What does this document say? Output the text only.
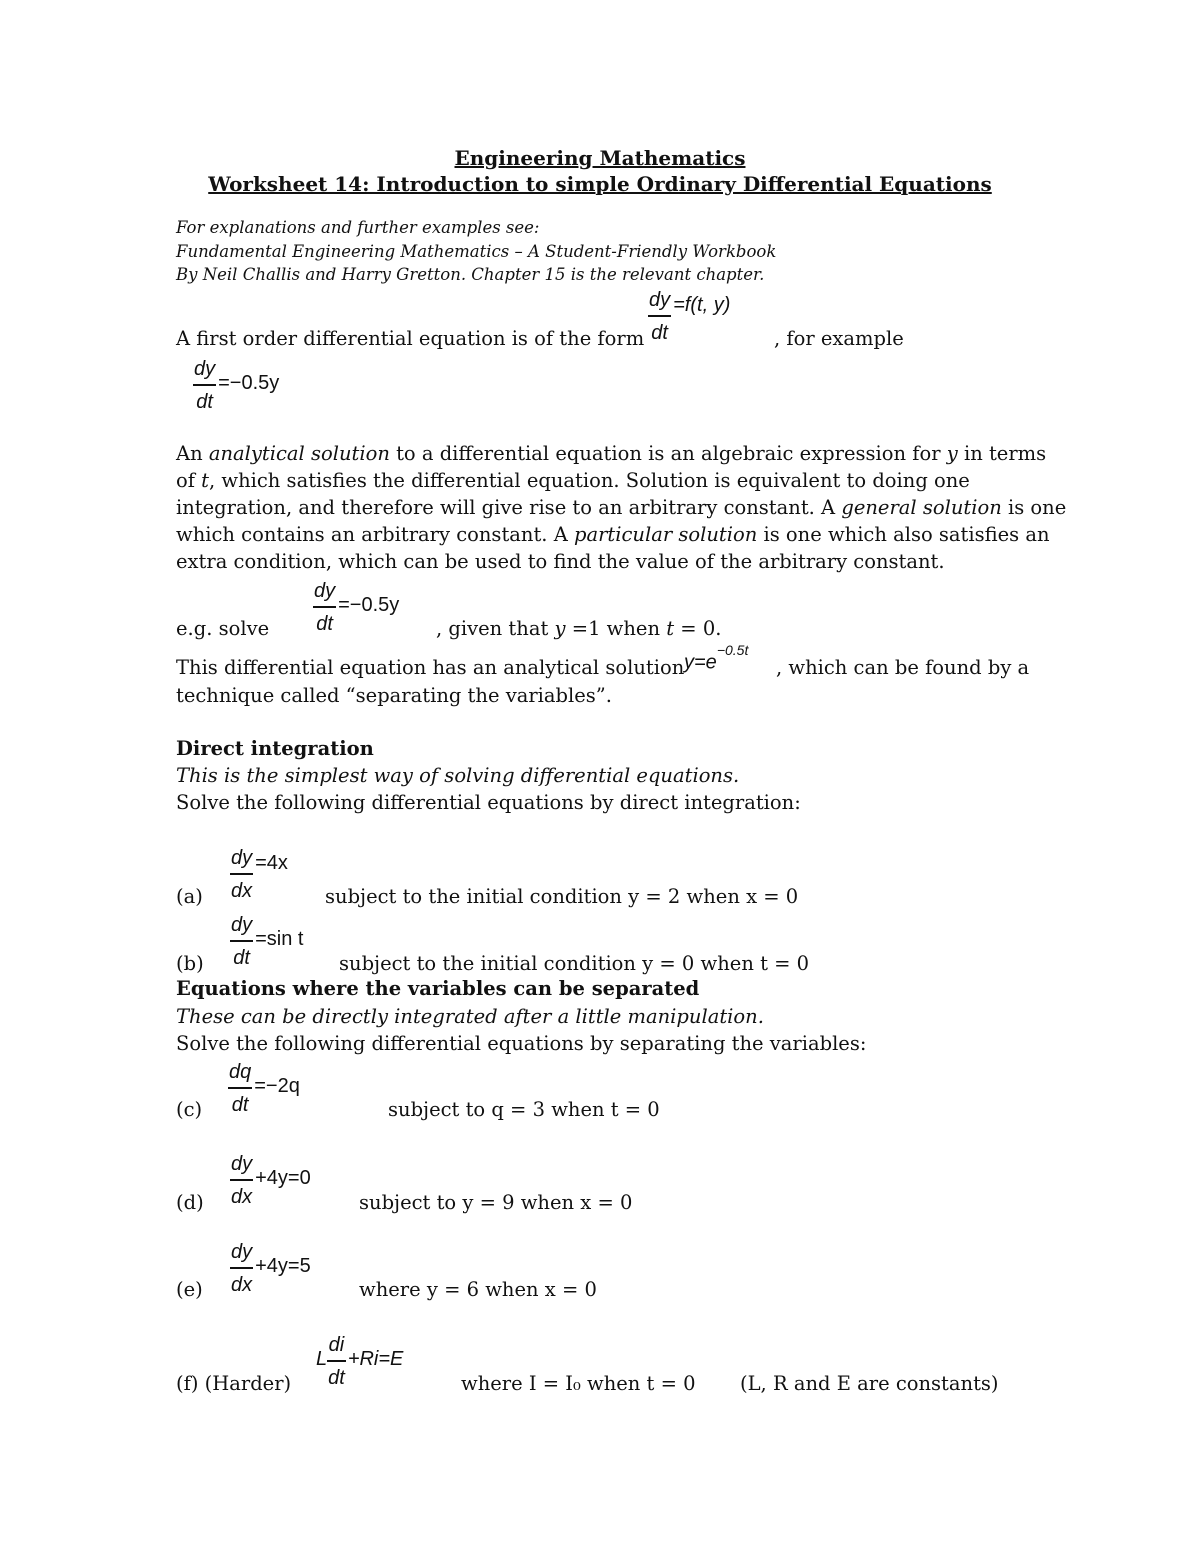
Engineering Mathematics
Worksheet 14: Introduction to simple Ordinary Differential Equations
For explanations and further examples see:
Fundamental Engineering Mathematics – A Student-Friendly Workbook
By Neil Challis and Harry Gretton. Chapter 15 is the relevant chapter.
A first order differential equation is of the form $\frac{dy}{dt} =f(t$, y)
, for example
$\frac{dy}{dt} =-0.5y$
An analytical solution to a differential equation is an algebraic expression for y in terms
of t, which satisfies the differential equation. Solution is equivalent to doing one
integration, and therefore will give rise to an arbitrary constant. A general solution is one
which contains an arbitrary constant. A particular solution is one which also satisfies an
extra condition, which can be used to find the value of the arbitrary constant.
e.g. solve $\frac{dy}{dt} =-0.5y$
, given that y =1 when t = 0.
This differential equation has an analytical solution $y=e^{-0.5t}$
, which can be found by a
technique called “separating the variables”.
Direct integration
This is the simplest way of solving differential equations.
Solve the following differential equations by direct integration:
$(a) \frac{dy}{dx} =4x$
subject to the initial condition y = 2 when x = 0
$(b) \frac{dy}{dt} =\sin$ t
subject to the initial condition y = 0 when t = 0
Equations where the variables can be separated
These can be directly integrated after a little manipulation.
Solve the following differential equations by separating the variables:
$(c) \frac{dq}{dt} =-2q$
subject to q = 3 when t = 0
$(d) \frac{dy}{dx} +4y=0$
subject to y = 9 when x = 0
$(e) \frac{dy}{dx} +4y=5$
where y = 6 when x = 0
(f) (Harder)
L $\frac{di}{dt} +Ri=E$
where I = I₀ when t = 0 (L, R and E are constants)
